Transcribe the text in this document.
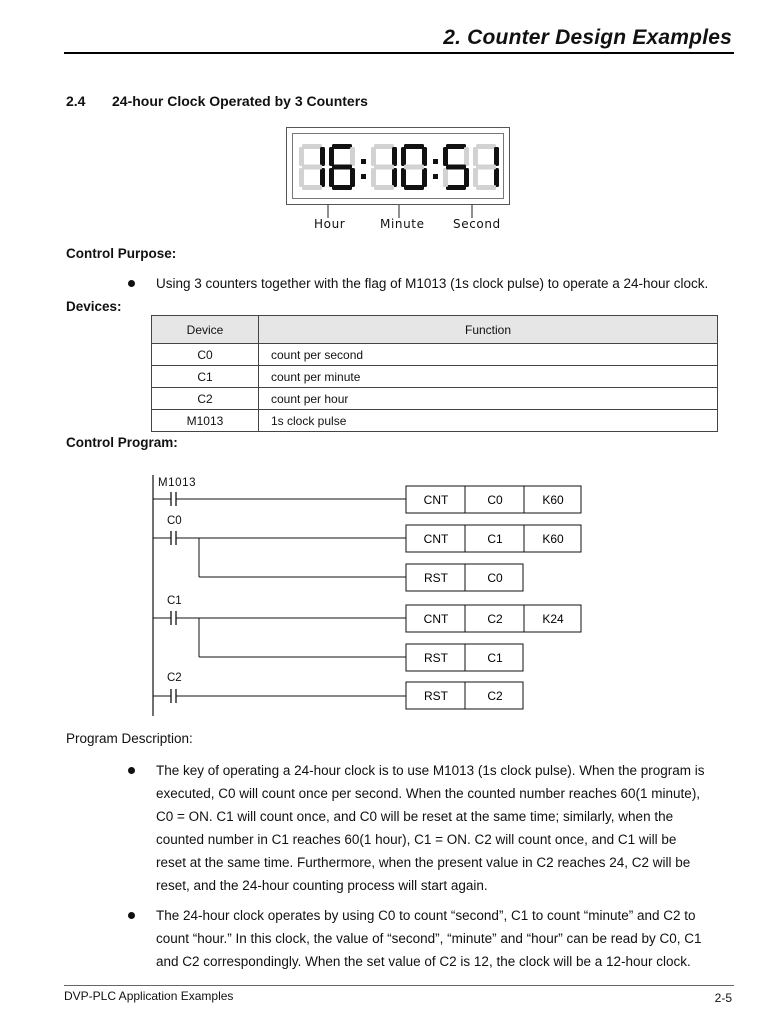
2. Counter Design Examples
2.4 24-hour Clock Operated by 3 Counters
Hour	Minute Second
Control Purpose:
Using 3 counters together with the flag of M1013 (1s clock pulse) to operate a 24-hour clock.
Devices:
Device	Function
C0	count per second
C1	count per minute
C2	count per hour
M1013	1s clock pulse
Control Program:
M1013
CNT	C0	K60
C0
CNT	C1	K60
RST	C0
C1
CNT	C2	K24
RST	C1
C2
RST	C2
Program Description:
The key of operating a 24-hour clock is to use M1013 (1s clock pulse). When the program is
executed, C0 will count once per second. When the counted number reaches 60(1 minute),
C0 = ON. C1 will count once, and C0 will be reset at the same time; similarly, when the
counted number in C1 reaches 60(1 hour), C1 = ON. C2 will count once, and C1 will be
reset at the same time. Furthermore, when the present value in C2 reaches 24, C2 will be
reset, and the 24-hour counting process will start again.
The 24-hour clock operates by using C0 to count “second”, C1 to count “minute” and C2 to
count “hour.” In this clock, the value of “second”, “minute” and “hour” can be read by C0, C1
and C2 correspondingly. When the set value of C2 is 12, the clock will be a 12-hour clock.
DVP-PLC Application Examples	2-5
